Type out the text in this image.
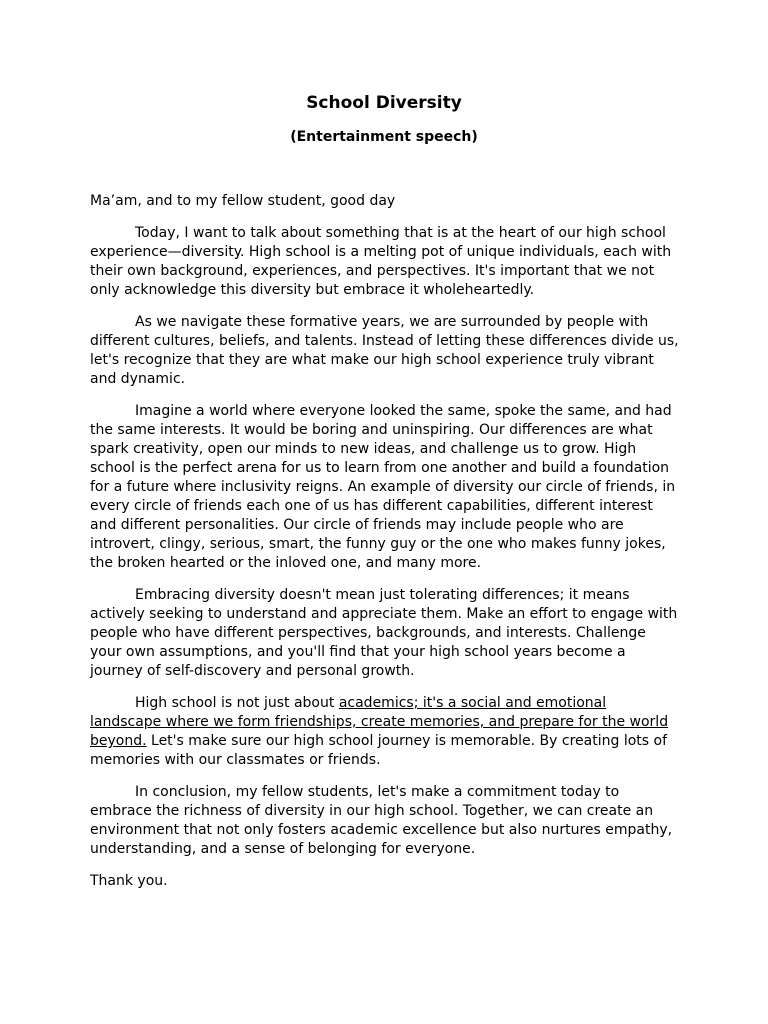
School Diversity
(Entertainment speech)

Ma’am, and to my fellow student, good day

Today, I want to talk about something that is at the heart of our high school experience—diversity. High school is a melting pot of unique individuals, each with their own background, experiences, and perspectives. It's important that we not only acknowledge this diversity but embrace it wholeheartedly.

As we navigate these formative years, we are surrounded by people with different cultures, beliefs, and talents. Instead of letting these differences divide us, let's recognize that they are what make our high school experience truly vibrant and dynamic.

Imagine a world where everyone looked the same, spoke the same, and had the same interests. It would be boring and uninspiring. Our differences are what spark creativity, open our minds to new ideas, and challenge us to grow. High school is the perfect arena for us to learn from one another and build a foundation for a future where inclusivity reigns. An example of diversity our circle of friends, in every circle of friends each one of us has different capabilities, different interest and different personalities. Our circle of friends may include people who are introvert, clingy, serious, smart, the funny guy or the one who makes funny jokes, the broken hearted or the inloved one, and many more.

Embracing diversity doesn't mean just tolerating differences; it means actively seeking to understand and appreciate them. Make an effort to engage with people who have different perspectives, backgrounds, and interests. Challenge your own assumptions, and you'll find that your high school years become a journey of self-discovery and personal growth.

High school is not just about academics; it's a social and emotional landscape where we form friendships, create memories, and prepare for the world beyond. Let's make sure our high school journey is memorable. By creating lots of memories with our classmates or friends.

In conclusion, my fellow students, let's make a commitment today to embrace the richness of diversity in our high school. Together, we can create an environment that not only fosters academic excellence but also nurtures empathy, understanding, and a sense of belonging for everyone.

Thank you.
